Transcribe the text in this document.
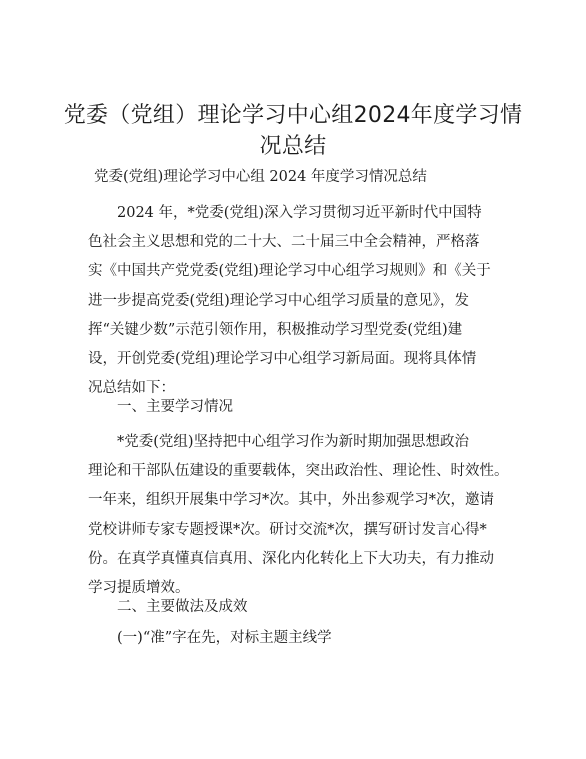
党委（党组）理论学习中心组2024年度学习情况总结

党委(党组)理论学习中心组 2024 年度学习情况总结

2024 年，*党委(党组)深入学习贯彻习近平新时代中国特
色社会主义思想和党的二十大、二十届三中全会精神，严格落
实《中国共产党党委(党组)理论学习中心组学习规则》和《关于
进一步提高党委(党组)理论学习中心组学习质量的意见》，发
挥“关键少数”示范引领作用，积极推动学习型党委(党组)建
设，开创党委(党组)理论学习中心组学习新局面。现将具体情
况总结如下：

一、主要学习情况

*党委(党组)坚持把中心组学习作为新时期加强思想政治
理论和干部队伍建设的重要载体，突出政治性、理论性、时效性。
一年来，组织开展集中学习*次。其中，外出参观学习*次，邀请
党校讲师专家专题授课*次。研讨交流*次，撰写研讨发言心得*
份。在真学真懂真信真用、深化内化转化上下大功夫，有力推动
学习提质增效。

二、主要做法及成效

(一)“准”字在先，对标主题主线学
